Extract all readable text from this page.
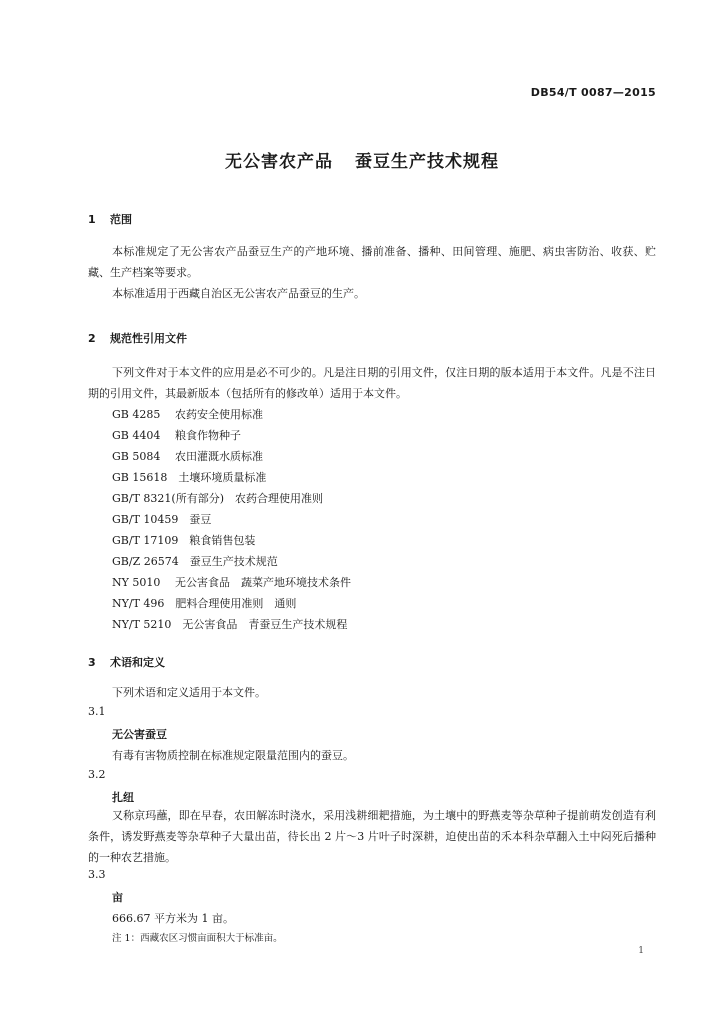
DB54/T 0087—2015
无公害农产品 蚕豆生产技术规程
1 范围
本标准规定了无公害农产品蚕豆生产的产地环境、播前准备、播种、田间管理、施肥、病虫害防治、收获、贮藏、生产档案等要求。
本标准适用于西藏自治区无公害农产品蚕豆的生产。
2 规范性引用文件
下列文件对于本文件的应用是必不可少的。凡是注日期的引用文件，仅注日期的版本适用于本文件。凡是不注日期的引用文件，其最新版本（包括所有的修改单）适用于本文件。
GB 4285　 农药安全使用标准
GB 4404　 粮食作物种子
GB 5084　 农田灌溉水质标准
GB 15618　 土壤环境质量标准
GB/T 8321(所有部分)　 农药合理使用准则
GB/T 10459　 蚕豆
GB/T 17109　 粮食销售包装
GB/Z 26574　 蚕豆生产技术规范
NY 5010　 无公害食品　蔬菜产地环境技术条件
NY/T 496　 肥料合理使用准则　通则
NY/T 5210　 无公害食品　青蚕豆生产技术规程
3 术语和定义
下列术语和定义适用于本文件。
3.1
无公害蚕豆
有毒有害物质控制在标准规定限量范围内的蚕豆。
3.2
扎纽
又称京玛蘸，即在早春，农田解冻时浇水，采用浅耕细耙措施，为土壤中的野燕麦等杂草种子提前萌发创造有利条件，诱发野燕麦等杂草种子大量出苗，待长出 2 片～3 片叶子时深耕，迫使出苗的禾本科杂草翻入土中闷死后播种的一种农艺措施。
3.3
亩
666.67 平方米为 1 亩。
注 1：西藏农区习惯亩面积大于标准亩。
1
